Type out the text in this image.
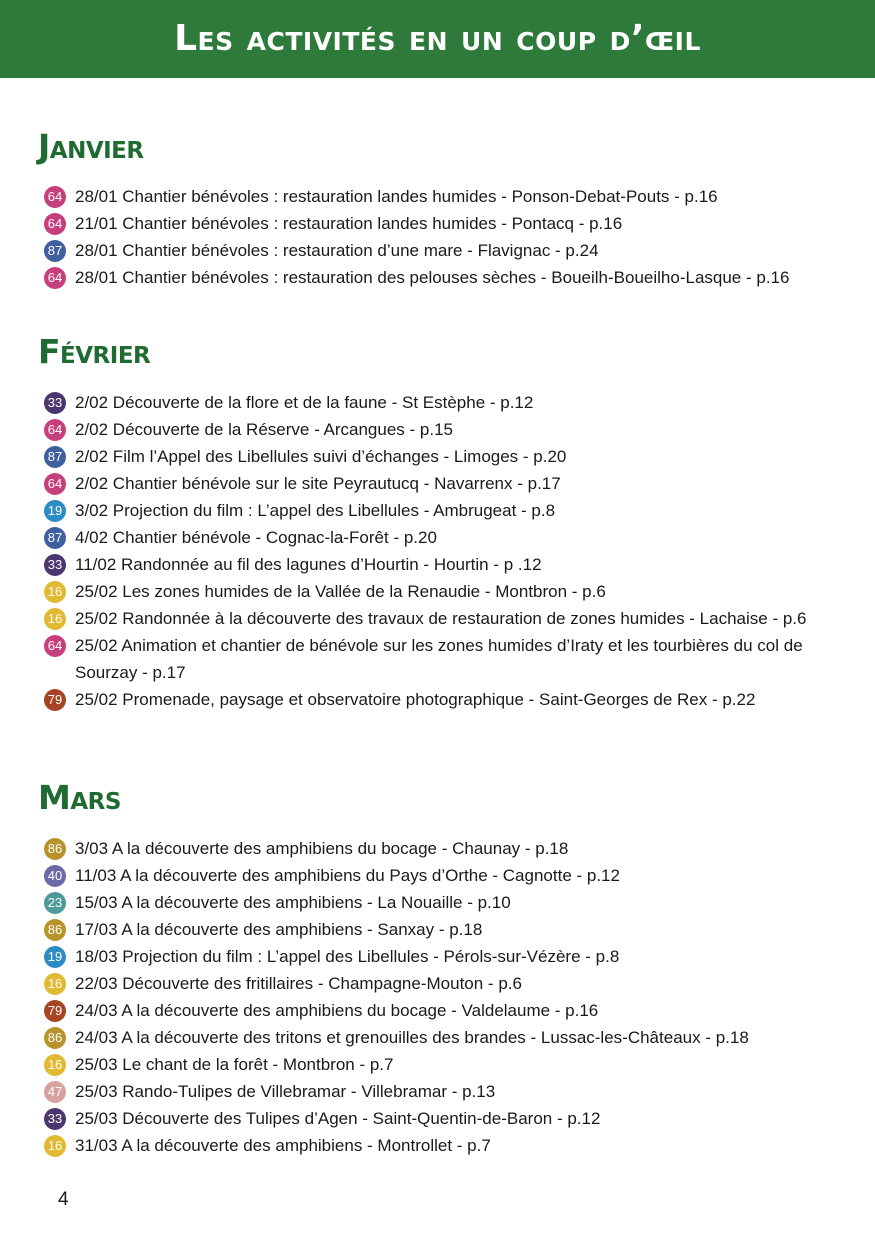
Les activités en un coup d’œil
Janvier
64 28/01 Chantier bénévoles : restauration landes humides - Ponson-Debat-Pouts - p.16
64 21/01 Chantier bénévoles : restauration landes humides - Pontacq - p.16
87 28/01 Chantier bénévoles : restauration d’une mare - Flavignac - p.24
64 28/01 Chantier bénévoles : restauration des pelouses sèches - Boueilh-Boueilho-Lasque - p.16
Février
33 2/02 Découverte de la flore et de la faune - St Estèphe - p.12
64 2/02 Découverte de la Réserve - Arcangues - p.15
87 2/02 Film l’Appel des Libellules suivi d’échanges - Limoges - p.20
64 2/02 Chantier bénévole sur le site Peyrautucq - Navarrenx - p.17
19 3/02 Projection du film : L’appel des Libellules - Ambrugeat - p.8
87 4/02 Chantier bénévole - Cognac-la-Forêt - p.20
33 11/02 Randonnée au fil des lagunes d’Hourtin - Hourtin - p .12
16 25/02 Les zones humides de la Vallée de la Renaudie - Montbron - p.6
16 25/02 Randonnée à la découverte des travaux de restauration de zones humides - Lachaise - p.6
64 25/02 Animation et chantier de bénévole sur les zones humides d’Iraty et les tourbières du col de Sourzay - p.17
79 25/02 Promenade, paysage et observatoire photographique - Saint-Georges de Rex - p.22
Mars
86 3/03 A la découverte des amphibiens du bocage - Chaunay - p.18
40 11/03 A la découverte des amphibiens du Pays d’Orthe - Cagnotte - p.12
23 15/03 A la découverte des amphibiens - La Nouaille - p.10
86 17/03 A la découverte des amphibiens - Sanxay - p.18
19 18/03 Projection du film : L’appel des Libellules - Pérols-sur-Vézère - p.8
16 22/03 Découverte des fritillaires - Champagne-Mouton - p.6
79 24/03 A la découverte des amphibiens du bocage - Valdelaume - p.16
86 24/03 A la découverte des tritons et grenouilles des brandes - Lussac-les-Châteaux - p.18
16 25/03 Le chant de la forêt - Montbron - p.7
47 25/03 Rando-Tulipes de Villebramar - Villebramar - p.13
33 25/03 Découverte des Tulipes d’Agen - Saint-Quentin-de-Baron - p.12
16 31/03 A la découverte des amphibiens - Montrollet - p.7
4
